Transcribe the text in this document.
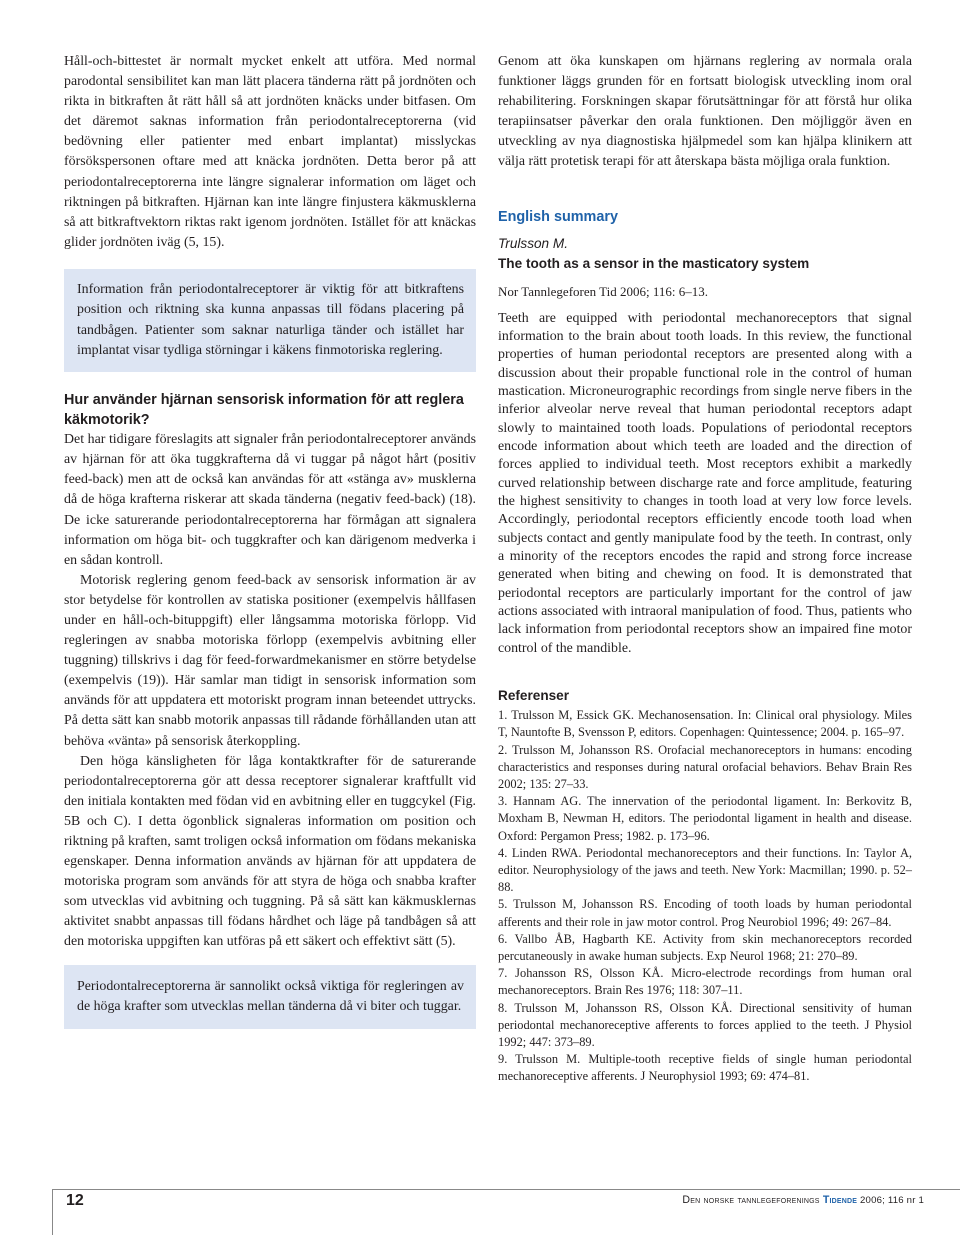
Håll-och-bittestet är normalt mycket enkelt att utföra. Med normal parodontal sensibilitet kan man lätt placera tänderna rätt på jordnöten och rikta in bitkraften åt rätt håll så att jordnöten knäcks under bitfasen. Om det däremot saknas information från periodontalreceptorerna (vid bedövning eller patienter med enbart implantat) misslyckas försökspersonen oftare med att knäcka jordnöten. Detta beror på att periodontalreceptorerna inte längre signalerar information om läget och riktningen på bitkraften. Hjärnan kan inte längre finjustera käkmusklerna så att bitkraftvektorn riktas rakt igenom jordnöten. Istället för att knäckas glider jordnöten iväg (5, 15).

Information från periodontalreceptorer är viktig för att bitkraftens position och riktning ska kunna anpassas till födans placering på tandbågen. Patienter som saknar naturliga tänder och istället har implantat visar tydliga störningar i käkens finmotoriska reglering.

Hur använder hjärnan sensorisk information för att reglera käkmotorik?

Det har tidigare föreslagits att signaler från periodontalreceptorer används av hjärnan för att öka tuggkrafterna då vi tuggar på något hårt (positiv feed-back) men att de också kan användas för att «stänga av» musklerna då de höga krafterna riskerar att skada tänderna (negativ feed-back) (18). De icke saturerande periodontalreceptorerna har förmågan att signalera information om höga bit- och tuggkrafter och kan därigenom medverka i en sådan kontroll.

Motorisk reglering genom feed-back av sensorisk information är av stor betydelse för kontrollen av statiska positioner (exempelvis hållfasen under en håll-och-bituppgift) eller långsamma motoriska förlopp. Vid regleringen av snabba motoriska förlopp (exempelvis avbitning eller tuggning) tillskrivs i dag för feed-forwardmekanismer en större betydelse (exempelvis (19)). Här samlar man tidigt in sensorisk information som används för att uppdatera ett motoriskt program innan beteendet uttrycks. På detta sätt kan snabb motorik anpassas till rådande förhållanden utan att behöva «vänta» på sensorisk återkoppling.

Den höga känsligheten för låga kontaktkrafter för de saturerande periodontalreceptorerna gör att dessa receptorer signalerar kraftfullt vid den initiala kontakten med födan vid en avbitning eller en tuggcykel (Fig. 5B och C). I detta ögonblick signaleras information om position och riktning på kraften, samt troligen också information om födans mekaniska egenskaper. Denna information används av hjärnan för att uppdatera de motoriska program som används för att styra de höga och snabba krafter som utvecklas vid avbitning och tuggning. På så sätt kan käkmusklernas aktivitet snabbt anpassas till födans hårdhet och läge på tandbågen så att den motoriska uppgiften kan utföras på ett säkert och effektivt sätt (5).

Periodontalreceptorerna är sannolikt också viktiga för regleringen av de höga krafter som utvecklas mellan tänderna då vi biter och tuggar.

Genom att öka kunskapen om hjärnans reglering av normala orala funktioner läggs grunden för en fortsatt biologisk utveckling inom oral rehabilitering. Forskningen skapar förutsättningar för att förstå hur olika terapiinsatser påverkar den orala funktionen. Den möjliggör även en utveckling av nya diagnostiska hjälpmedel som kan hjälpa klinikern att välja rätt protetisk terapi för att återskapa bästa möjliga orala funktion.

English summary

Trulsson M.

The tooth as a sensor in the masticatory system

Nor Tannlegeforen Tid 2006; 116: 6–13.

Teeth are equipped with periodontal mechanoreceptors that signal information to the brain about tooth loads. In this review, the functional properties of human periodontal receptors are presented along with a discussion about their propable functional role in the control of human mastication. Microneurographic recordings from single nerve fibers in the inferior alveolar nerve reveal that human periodontal receptors adapt slowly to maintained tooth loads. Populations of periodontal receptors encode information about which teeth are loaded and the direction of forces applied to individual teeth. Most receptors exhibit a markedly curved relationship between discharge rate and force amplitude, featuring the highest sensitivity to changes in tooth load at very low force levels. Accordingly, periodontal receptors efficiently encode tooth load when subjects contact and gently manipulate food by the teeth. In contrast, only a minority of the receptors encodes the rapid and strong force increase generated when biting and chewing on food. It is demonstrated that periodontal receptors are particularly important for the control of jaw actions associated with intraoral manipulation of food. Thus, patients who lack information from periodontal receptors show an impaired fine motor control of the mandible.

Referenser
1. Trulsson M, Essick GK. Mechanosensation. In: Clinical oral physiology. Miles T, Nauntofte B, Svensson P, editors. Copenhagen: Quintessence; 2004. p. 165–97.
2. Trulsson M, Johansson RS. Orofacial mechanoreceptors in humans: encoding characteristics and responses during natural orofacial behaviors. Behav Brain Res 2002; 135: 27–33.
3. Hannam AG. The innervation of the periodontal ligament. In: Berkovitz B, Moxham B, Newman H, editors. The periodontal ligament in health and disease. Oxford: Pergamon Press; 1982. p. 173–96.
4. Linden RWA. Periodontal mechanoreceptors and their functions. In: Taylor A, editor. Neurophysiology of the jaws and teeth. New York: Macmillan; 1990. p. 52–88.
5. Trulsson M, Johansson RS. Encoding of tooth loads by human periodontal afferents and their role in jaw motor control. Prog Neurobiol 1996; 49: 267–84.
6. Vallbo ÅB, Hagbarth KE. Activity from skin mechanoreceptors recorded percutaneously in awake human subjects. Exp Neurol 1968; 21: 270–89.
7. Johansson RS, Olsson KÅ. Micro-electrode recordings from human oral mechanoreceptors. Brain Res 1976; 118: 307–11.
8. Trulsson M, Johansson RS, Olsson KÅ. Directional sensitivity of human periodontal mechanoreceptive afferents to forces applied to the teeth. J Physiol 1992; 447: 373–89.
9. Trulsson M. Multiple-tooth receptive fields of single human periodontal mechanoreceptive afferents. J Neurophysiol 1993; 69: 474–81.
12	Den norske tannlegeforenings Tidende 2006; 116 nr 1
